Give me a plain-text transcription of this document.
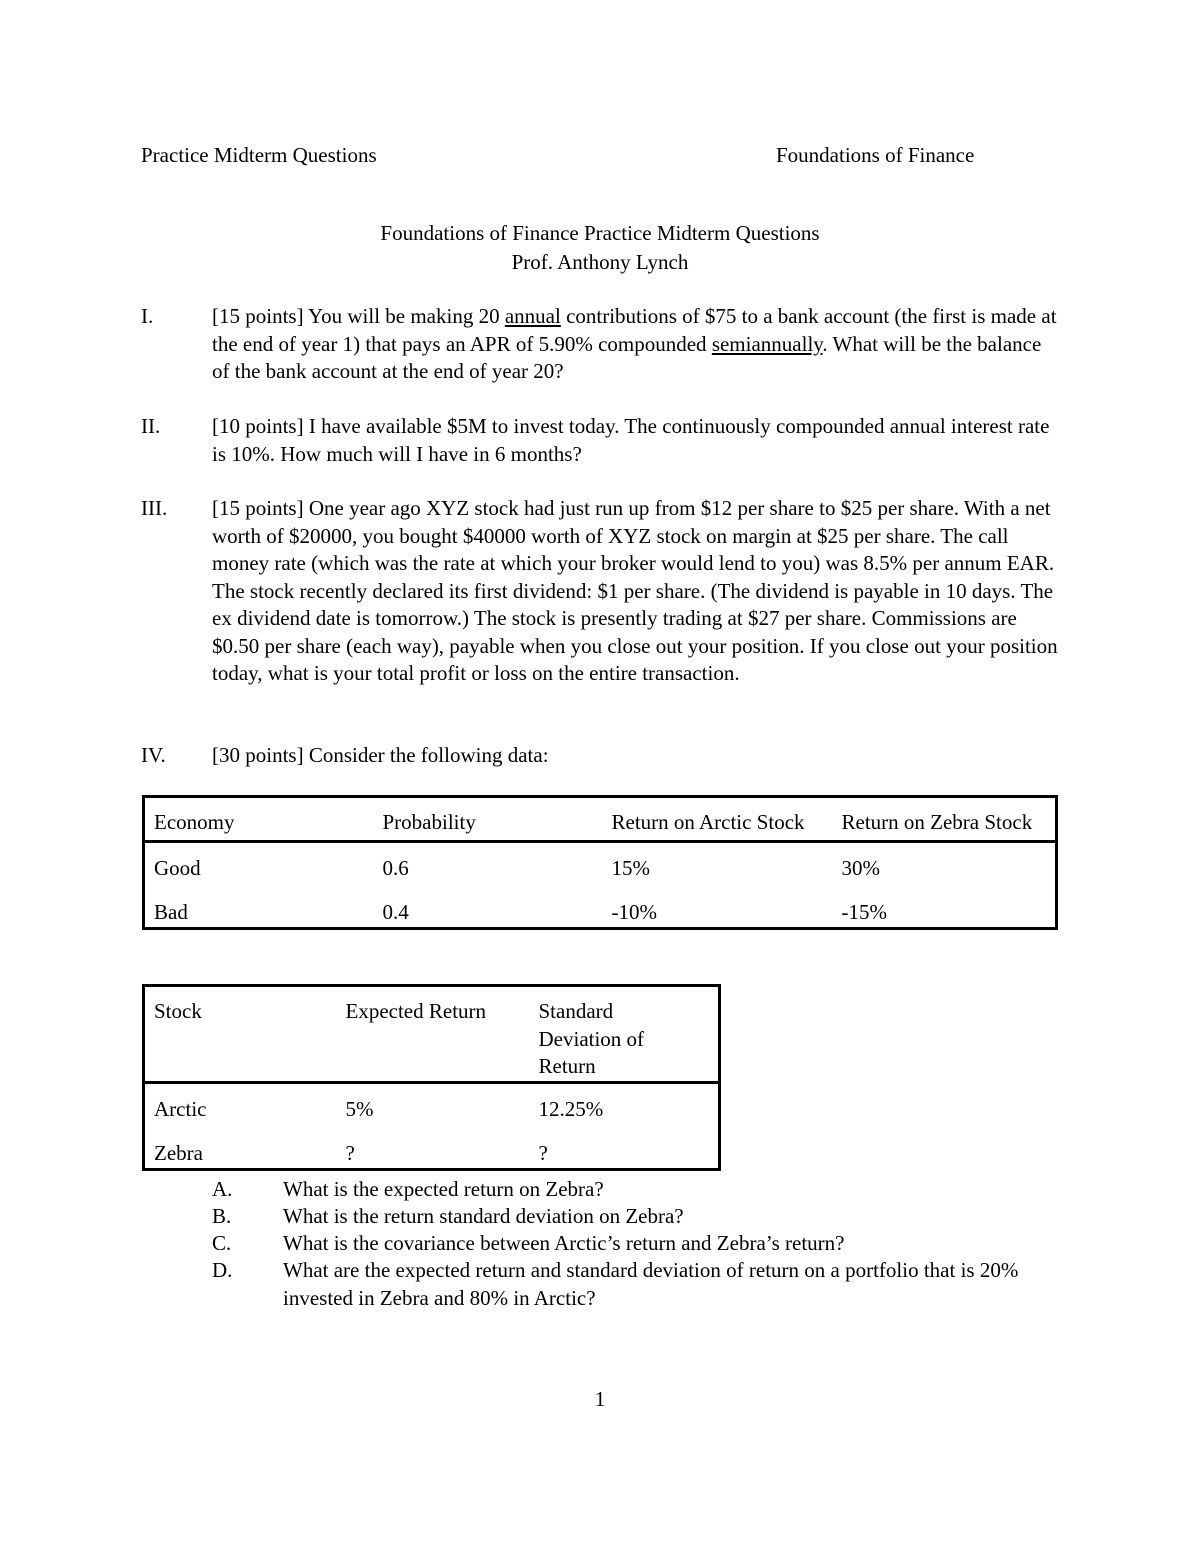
Practice Midterm Questions	Foundations of Finance
Foundations of Finance Practice Midterm Questions
Prof. Anthony Lynch
I.	[15 points] You will be making 20 annual contributions of $75 to a bank account (the first is made at the end of year 1) that pays an APR of 5.90% compounded semiannually. What will be the balance of the bank account at the end of year 20?
II. [10 points] I have available $5M to invest today. The continuously compounded annual interest rate is 10%. How much will I have in 6 months?
III. [15 points] One year ago XYZ stock had just run up from $12 per share to $25 per share. With a net worth of $20000, you bought $40000 worth of XYZ stock on margin at $25 per share. The call money rate (which was the rate at which your broker would lend to you) was 8.5% per annum EAR. The stock recently declared its first dividend: $1 per share. (The dividend is payable in 10 days. The ex dividend date is tomorrow.) The stock is presently trading at $27 per share. Commissions are $0.50 per share (each way), payable when you close out your position. If you close out your position today, what is your total profit or loss on the entire transaction.
IV. [30 points] Consider the following data:
Economy	Probability	Return on Arctic Stock	Return on Zebra Stock
Good	0.6	15%	30%
Bad	0.4	-10%	-15%
Stock	Expected Return	Standard Deviation of Return
Arctic	5%	12.25%
Zebra	?	?
A. What is the expected return on Zebra?
B. What is the return standard deviation on Zebra?
C. What is the covariance between Arctic’s return and Zebra’s return?
D. What are the expected return and standard deviation of return on a portfolio that is 20% invested in Zebra and 80% in Arctic?
1
